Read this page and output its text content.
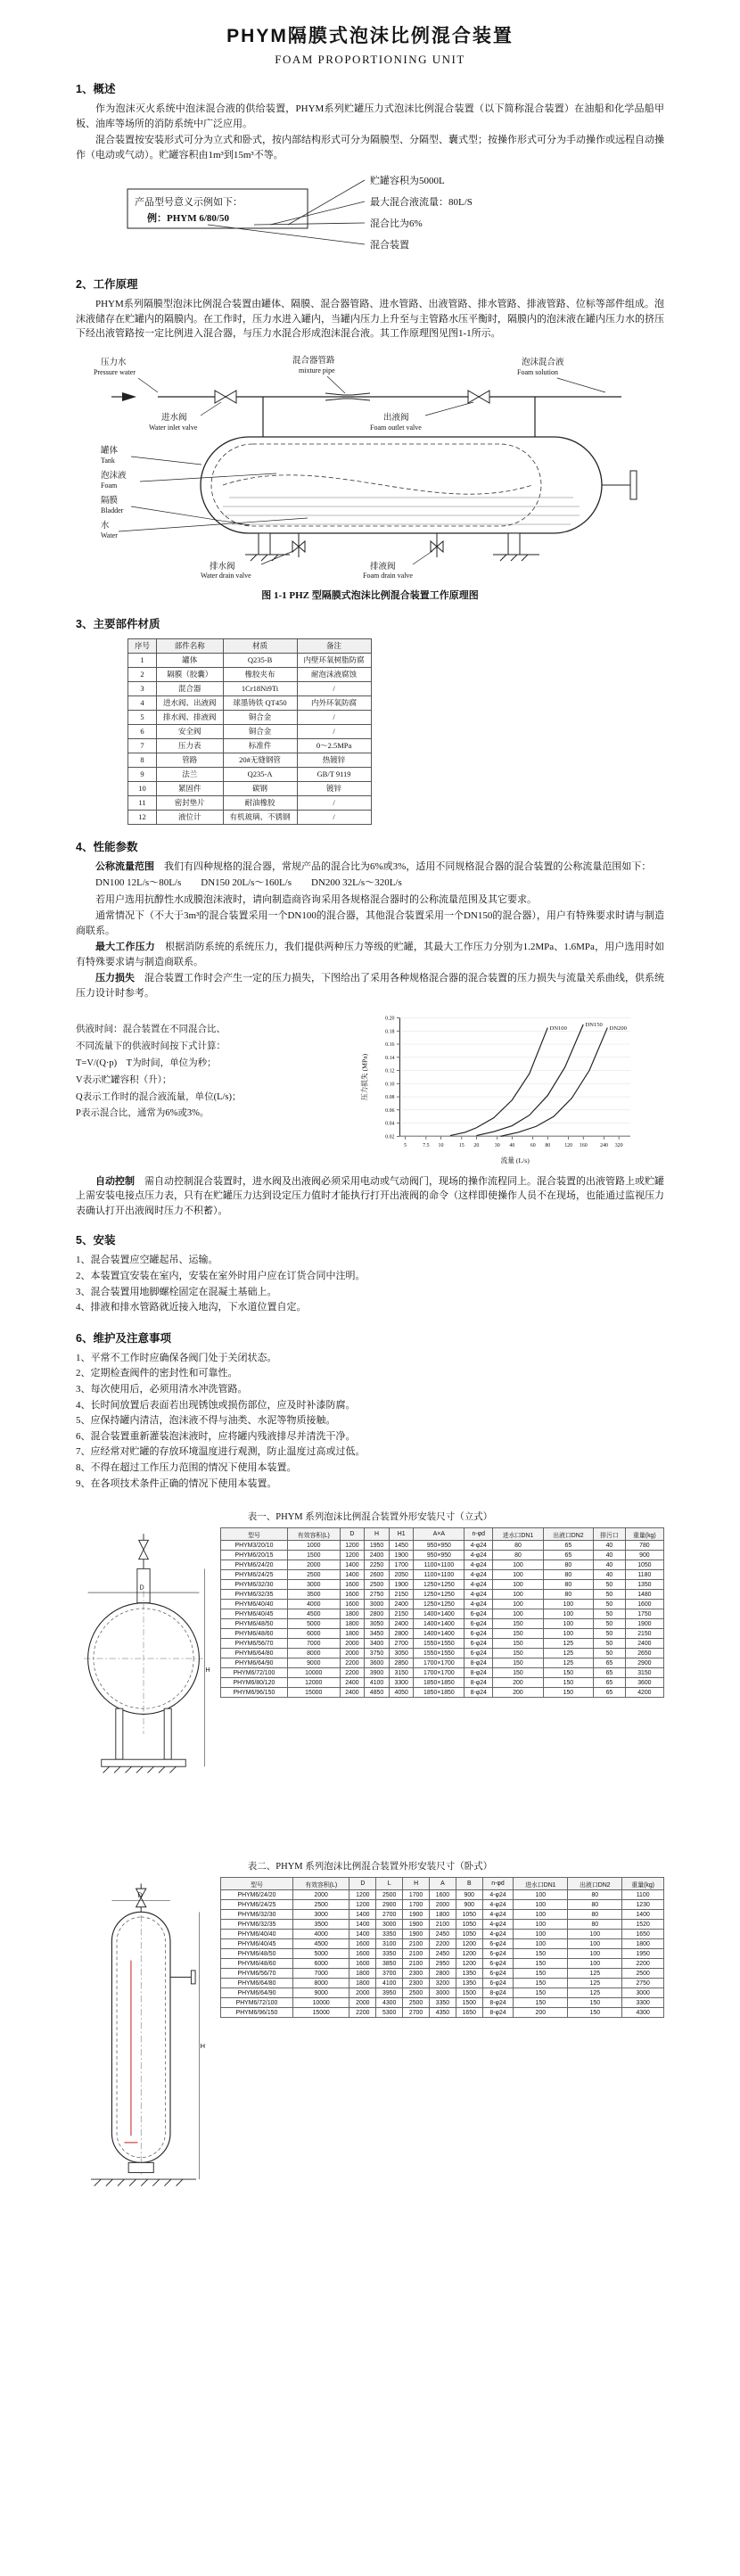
PHYM隔膜式泡沫比例混合装置
FOAM PROPORTIONING UNIT
1、概述

作为泡沫灭火系统中泡沫混合液的供给装置，PHYM系列贮罐压力式泡沫比例混合装置（以下简称混合装置）在油船和化学品船甲板、油库等场所的消防系统中广泛应用。

混合装置按安装形式可分为立式和卧式，按内部结构形式可分为隔膜型、分隔型、囊式型；按操作形式可分为手动操作或远程自动操作（电动或气动）。贮罐容积由1m³到15m³不等。

产品型号意义示例如下：
例：PHYM 6/80/50
贮罐容积为5000L
最大混合液流量：80L/S
混合比为6%
混合装置
2、工作原理

PHYM系列隔膜型泡沫比例混合装置由罐体、隔膜、混合器管路、进水管路、出液管路、排水管路、排液管路、位标等部件组成。泡沫液储存在贮罐内的隔膜内。在工作时，压力水进入罐内，当罐内压力上升至与主管路水压平衡时，隔膜内的泡沫液在罐内压力水的挤压下经出液管路按一定比例进入混合器，与压力水混合形成泡沫混合液。其工作原理图见图1-1所示。

压力水
Pressure water
混合器管路
mixture pipe
泡沫混合液
Foam solution
进水阀
Water inlet valve
出液阀
Foam outlet valve
罐体
Tank
泡沫液
Foam
隔膜
Bladder
水
Water
排水阀
Water drain valve
排液阀
Foam drain valve
图 1-1 PHZ 型隔膜式泡沫比例混合装置工作原理图
3、主要部件材质
序号	部件名称	材质	备注
1	罐体	Q235-B	内壁环氧树脂防腐
2	隔膜（胶囊）	橡胶夹布	耐泡沫液腐蚀
3	混合器	1Cr18Ni9Ti	/
4	进水阀、出液阀	球墨铸铁 QT450	内外环氧防腐
5	排水阀、排液阀	铜合金	/
6	安全阀	铜合金	/
7	压力表	标准件	0～2.5MPa
8	管路	20#无缝钢管	热镀锌
9	法兰	Q235-A	GB/T 9119
10	紧固件	碳钢	镀锌
11	密封垫片	耐油橡胶	/
12	液位计	有机玻璃、不锈钢	/
4、性能参数

公称流量范围　我们有四种规格的混合器，常规产品的混合比为6%或3%，适用不同规格混合器的混合装置的公称流量范围如下：

DN100 12L/s～80L/s　　DN150 20L/s～160L/s　　DN200 32L/s～320L/s

若用户选用抗醇性水成膜泡沫液时，请向制造商咨询采用各规格混合器时的公称流量范围及其它要求。

通常情况下（不大于3m³的混合装置采用一个DN100的混合器，其他混合装置采用一个DN150的混合器），用户有特殊要求时请与制造商联系。

最大工作压力　根据消防系统的系统压力，我们提供两种压力等级的贮罐，其最大工作压力分别为1.2MPa、1.6MPa，用户选用时如有特殊要求请与制造商联系。

压力损失　混合装置工作时会产生一定的压力损失，下图给出了采用各种规格混合器的混合装置的压力损失与流量关系曲线，供系统压力设计时参考。

供液时间：混合装置在不同混合比、
不同流量下的供液时间按下式计算：
T=V/(Q·p)　T为时间，单位为秒；
V表示贮罐容积（升）；
Q表示工作时的混合液流量，单位(L/s)；
P表示混合比，通常为6%或3%。
5	7.5 10	15 20	30 40	60 80	120 160	240 320
0.02
0.04
0.06
0.08
0.10
0.12
0.14
0.16
0.18
0.20
DN100
DN150
DN200
流量 (L/s)
压力损失 (MPa)

自动控制　需自动控制混合装置时，进水阀及出液阀必须采用电动或气动阀门，现场的操作流程同上。混合装置的出液管路上或贮罐上需安装电接点压力表，只有在贮罐压力达到设定压力值时才能执行打开出液阀的命令（这样即使操作人员不在现场，也能通过监视压力表确认打开出液阀时压力不积蓄）。

5、安装
1、混合装置应空罐起吊、运输。
2、本装置宜安装在室内，安装在室外时用户应在订货合同中注明。
3、混合装置用地脚螺栓固定在混凝土基础上。
4、排液和排水管路就近接入地沟，下水道位置自定。
6、维护及注意事项
1、平常不工作时应确保各阀门处于关闭状态。
2、定期检查阀件的密封性和可靠性。
3、每次使用后，必须用清水冲洗管路。
4、长时间放置后表面若出现锈蚀或损伤部位，应及时补漆防腐。
5、应保持罐内清洁，泡沫液不得与油类、水泥等物质接触。
6、混合装置重新灌装泡沫液时，应将罐内残液排尽并清洗干净。
7、应经常对贮罐的存放环境温度进行观测，防止温度过高或过低。
8、不得在超过工作压力范围的情况下使用本装置。
9、在各项技术条件正确的情况下使用本装置。
表一、PHYM 系列泡沫比例混合装置外形安装尺寸（立式）
D
H
型号	有效容积(L)	D	H	H1	A×A	n-φd	进水口DN1	出液口DN2	排污口	重量(kg)
PHYM3/20/10	1000	1200	1950	1450	950×950	4-φ24	80	65	40	780
PHYM6/20/15	1500	1200	2400	1900	950×950	4-φ24	80	65	40	900
PHYM6/24/20	2000	1400	2250	1700	1100×1100	4-φ24	100	80	40	1050
PHYM6/24/25	2500	1400	2600	2050	1100×1100	4-φ24	100	80	40	1180
PHYM6/32/30	3000	1600	2500	1900	1250×1250	4-φ24	100	80	50	1350
PHYM6/32/35	3500	1600	2750	2150	1250×1250	4-φ24	100	80	50	1480
PHYM6/40/40	4000	1600	3000	2400	1250×1250	4-φ24	100	100	50	1600
PHYM6/40/45	4500	1800	2800	2150	1400×1400	6-φ24	100	100	50	1750
PHYM6/48/50	5000	1800	3050	2400	1400×1400	6-φ24	150	100	50	1900
PHYM6/48/60	6000	1800	3450	2800	1400×1400	6-φ24	150	100	50	2150
PHYM6/56/70	7000	2000	3400	2700	1550×1550	6-φ24	150	125	50	2400
PHYM6/64/80	8000	2000	3750	3050	1550×1550	6-φ24	150	125	50	2650
PHYM6/64/90	9000	2200	3600	2850	1700×1700	8-φ24	150	125	65	2900
PHYM6/72/100	10000	2200	3900	3150	1700×1700	8-φ24	150	150	65	3150
PHYM6/80/120	12000	2400	4100	3300	1850×1850	8-φ24	200	150	65	3600
PHYM6/96/150	15000	2400	4850	4050	1850×1850	8-φ24	200	150	65	4200
表二、PHYM 系列泡沫比例混合装置外形安装尺寸（卧式）
D
H
型号	有效容积(L)	D	L	H	A	B	n-φd	进水口DN1	出液口DN2	重量(kg)
PHYM6/24/20	2000	1200	2500	1700	1600	900	4-φ24	100	80	1100
PHYM6/24/25	2500	1200	2900	1700	2000	900	4-φ24	100	80	1230
PHYM6/32/30	3000	1400	2700	1900	1800	1050	4-φ24	100	80	1400
PHYM6/32/35	3500	1400	3000	1900	2100	1050	4-φ24	100	80	1520
PHYM6/40/40	4000	1400	3350	1900	2450	1050	4-φ24	100	100	1650
PHYM6/40/45	4500	1600	3100	2100	2200	1200	6-φ24	100	100	1800
PHYM6/48/50	5000	1600	3350	2100	2450	1200	6-φ24	150	100	1950
PHYM6/48/60	6000	1600	3850	2100	2950	1200	6-φ24	150	100	2200
PHYM6/56/70	7000	1800	3700	2300	2800	1350	6-φ24	150	125	2500
PHYM6/64/80	8000	1800	4100	2300	3200	1350	6-φ24	150	125	2750
PHYM6/64/90	9000	2000	3950	2500	3000	1500	8-φ24	150	125	3000
PHYM6/72/100	10000	2000	4300	2500	3350	1500	8-φ24	150	150	3300
PHYM6/96/150	15000	2200	5300	2700	4350	1650	8-φ24	200	150	4300
